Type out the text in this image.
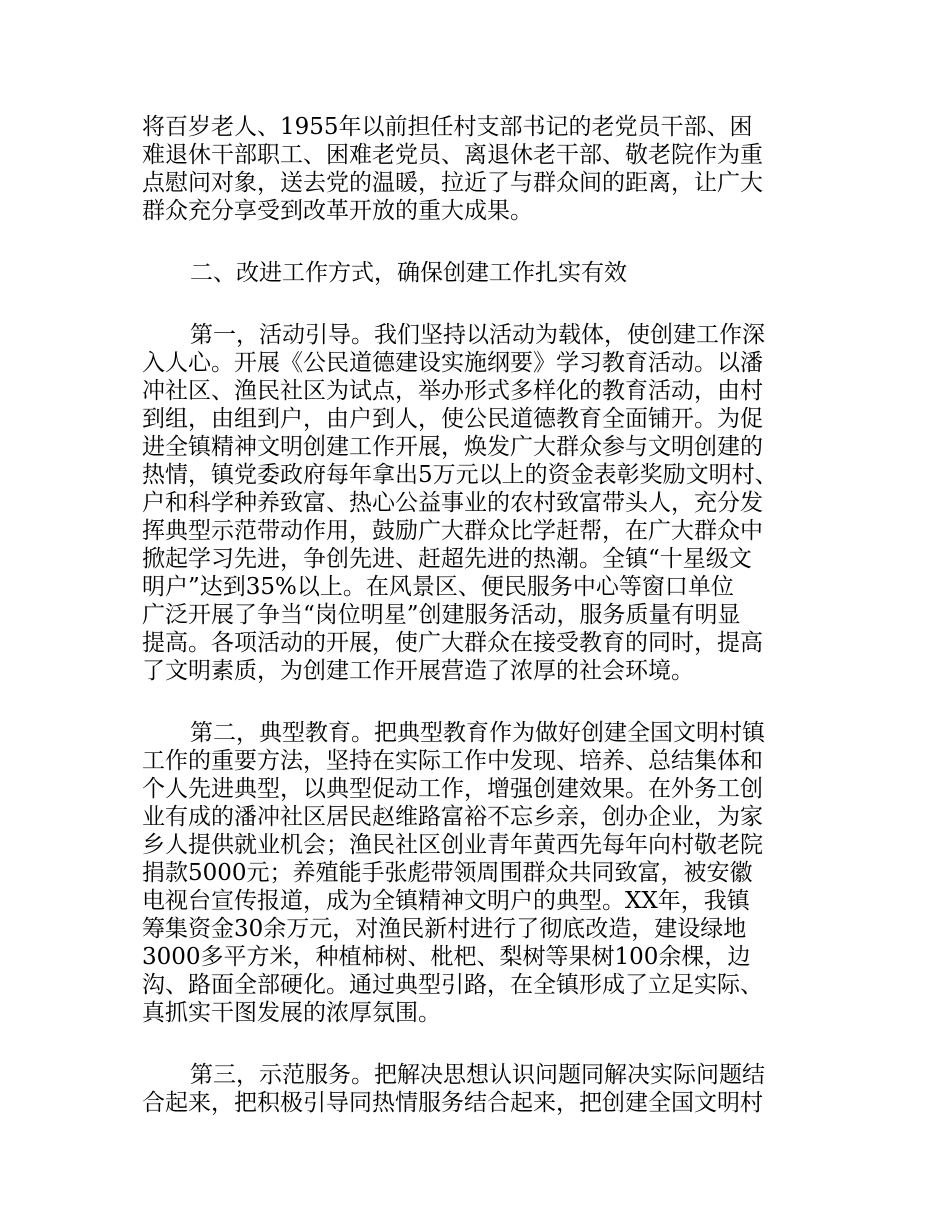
将百岁老人、1955年以前担任村支部书记的老党员干部、困
难退休干部职工、困难老党员、离退休老干部、敬老院作为重
点慰问对象，送去党的温暖，拉近了与群众间的距离，让广大
群众充分享受到改革开放的重大成果。
二、改进工作方式，确保创建工作扎实有效
第一，活动引导。我们坚持以活动为载体，使创建工作深
入人心。开展《公民道德建设实施纲要》学习教育活动。以潘
冲社区、渔民社区为试点，举办形式多样化的教育活动，由村
到组，由组到户，由户到人，使公民道德教育全面铺开。为促
进全镇精神文明创建工作开展，焕发广大群众参与文明创建的
热情，镇党委政府每年拿出5万元以上的资金表彰奖励文明村、
户和科学种养致富、热心公益事业的农村致富带头人，充分发
挥典型示范带动作用，鼓励广大群众比学赶帮，在广大群众中
掀起学习先进，争创先进、赶超先进的热潮。全镇“十星级文
明户”达到35%以上。在风景区、便民服务中心等窗口单位
广泛开展了争当“岗位明星”创建服务活动，服务质量有明显
提高。各项活动的开展，使广大群众在接受教育的同时，提高
了文明素质，为创建工作开展营造了浓厚的社会环境。
第二，典型教育。把典型教育作为做好创建全国文明村镇
工作的重要方法，坚持在实际工作中发现、培养、总结集体和
个人先进典型，以典型促动工作，增强创建效果。在外务工创
业有成的潘冲社区居民赵维路富裕不忘乡亲，创办企业，为家
乡人提供就业机会；渔民社区创业青年黄西先每年向村敬老院
捐款5000元；养殖能手张彪带领周围群众共同致富，被安徽
电视台宣传报道，成为全镇精神文明户的典型。XX年，我镇
筹集资金30余万元，对渔民新村进行了彻底改造，建设绿地
3000多平方米，种植柿树、枇杷、梨树等果树100余棵，边
沟、路面全部硬化。通过典型引路，在全镇形成了立足实际、
真抓实干图发展的浓厚氛围。
第三，示范服务。把解决思想认识问题同解决实际问题结
合起来，把积极引导同热情服务结合起来，把创建全国文明村
